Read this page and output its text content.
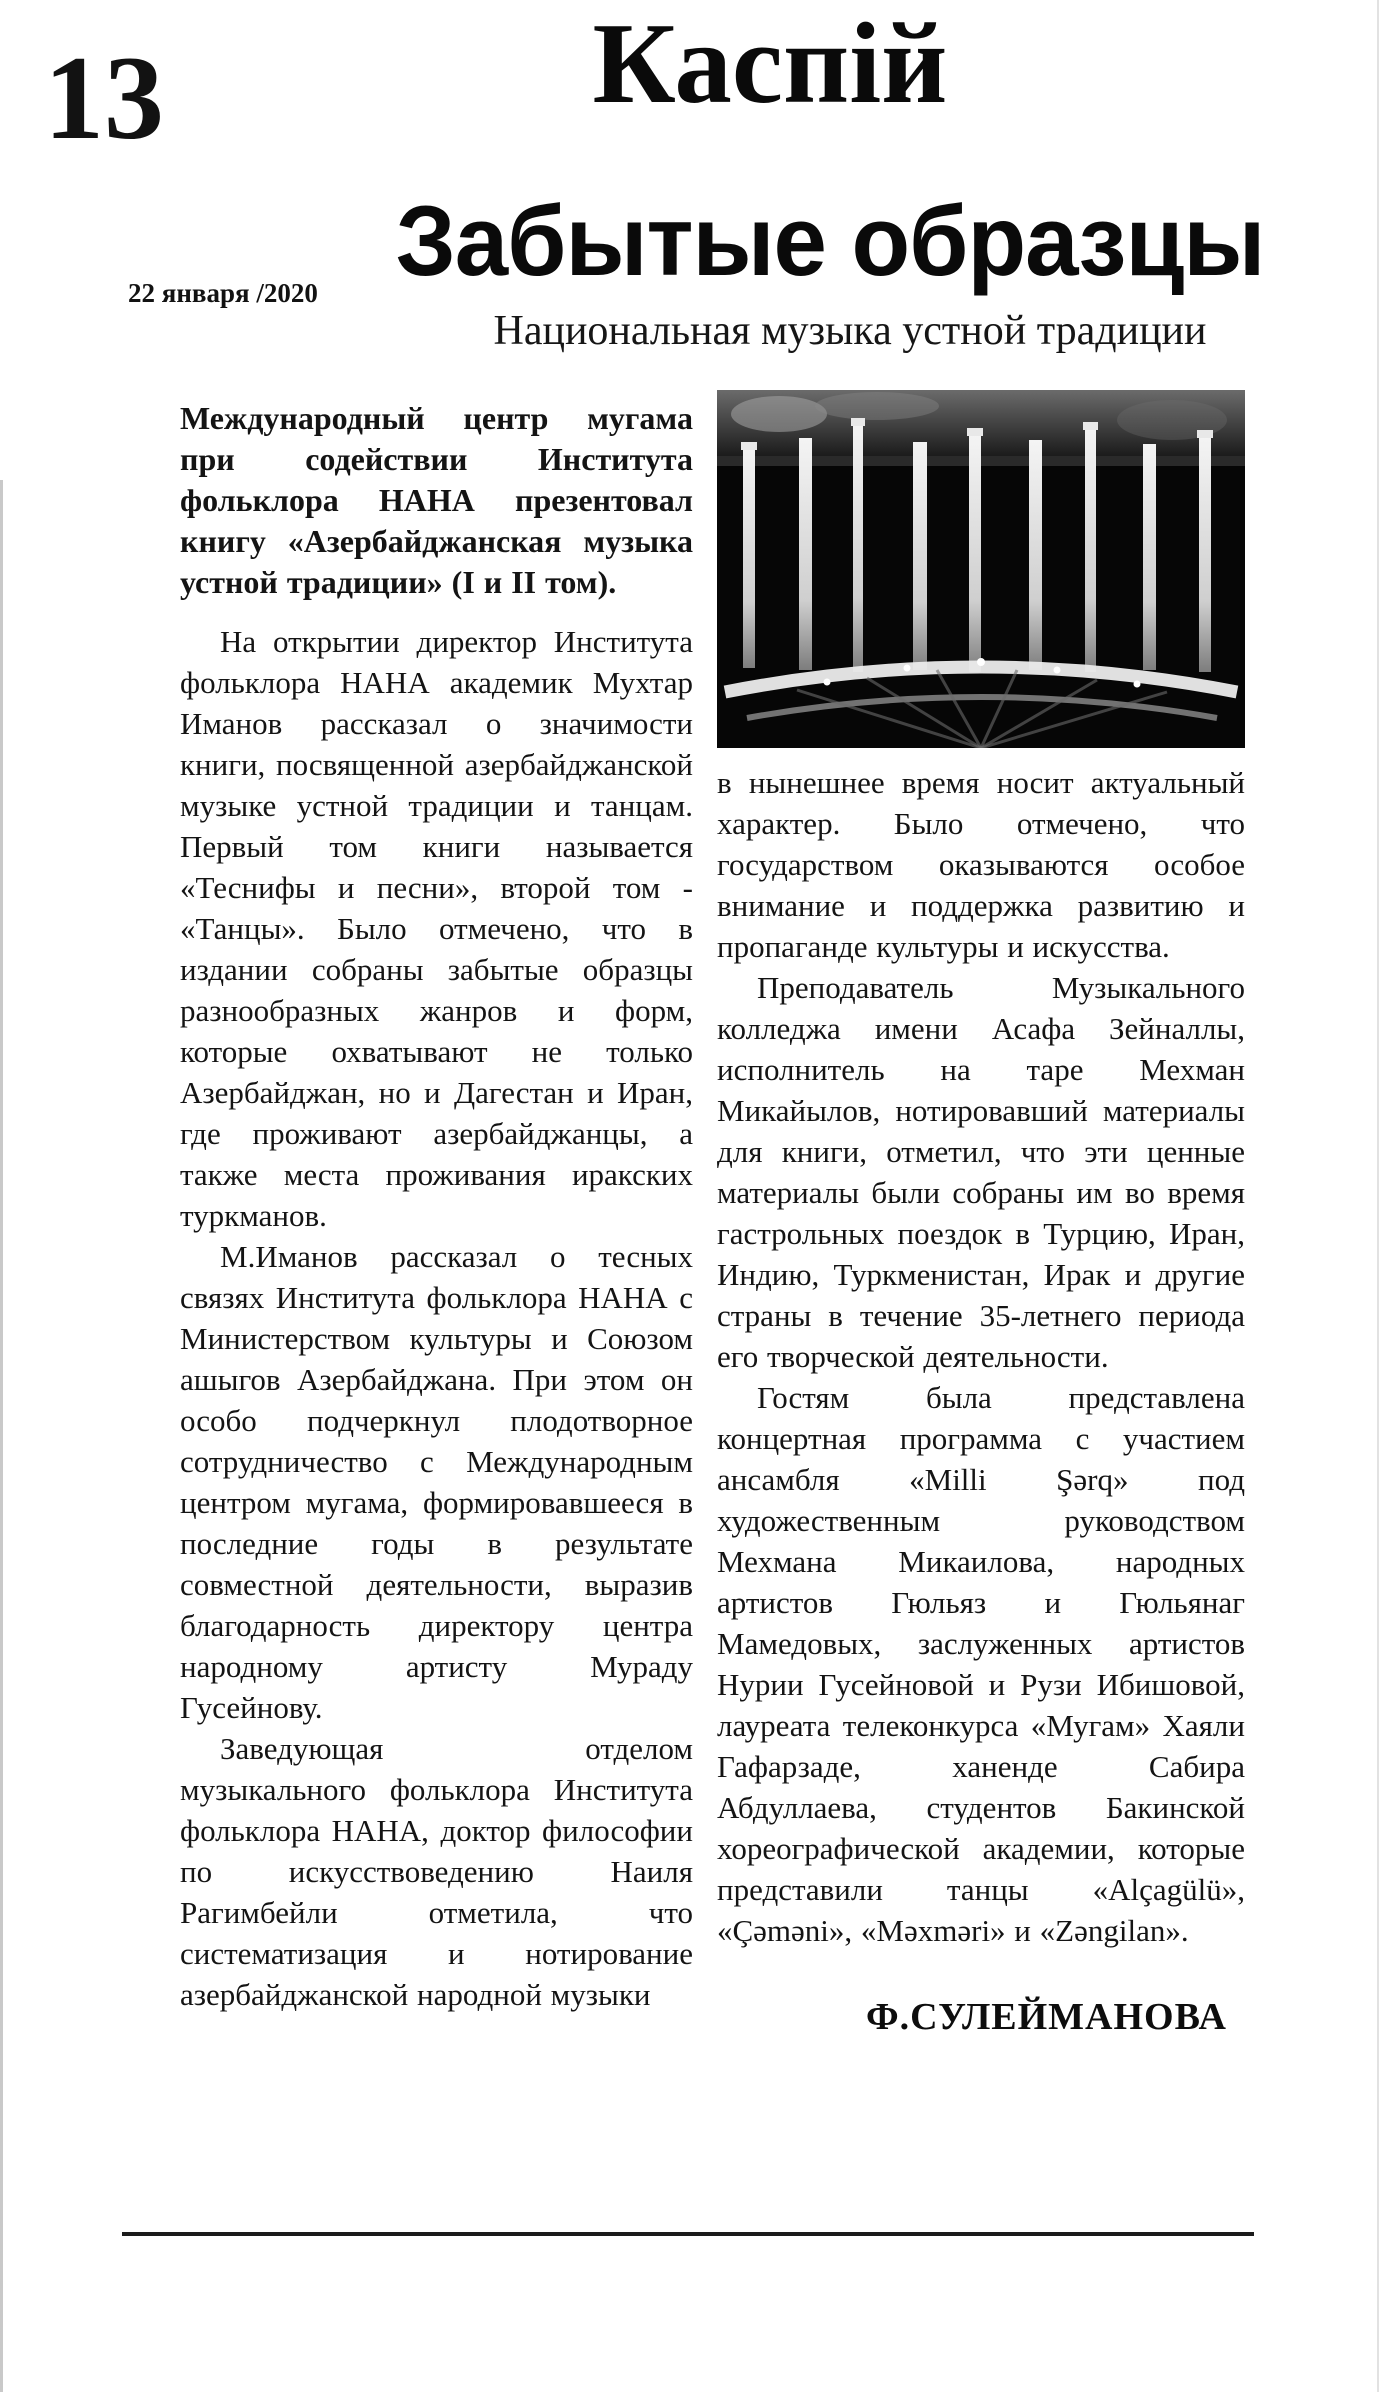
13	Каспій
Забытые образцы
22 января /2020
Национальная музыка устной традиции

Международный центр мугама при содействии Института фольклора НАНА презентовал книгу «Азербайджанская музыка устной традиции» (I и II том).

На открытии директор Института фольклора НАНА академик Мухтар Иманов рассказал о значимости книги, посвященной азербайджанской музыке устной традиции и танцам. Первый том книги называется «Теснифы и песни», второй том - «Танцы». Было отмечено, что в издании собраны забытые образцы разнообразных жанров и форм, которые охватывают не только Азербайджан, но и Дагестан и Иран, где проживают азербайджанцы, а также места проживания иракских туркманов.

М.Иманов рассказал о тесных связях Института фольклора НАНА с Министерством культуры и Союзом ашыгов Азербайджана. При этом он особо подчеркнул плодотворное сотрудничество с Международным центром мугама, формировавшееся в последние годы в результате совместной деятельности, выразив благодарность директору центра народному артисту Мураду Гусейнову.

Заведующая отделом музыкального фольклора Института фольклора НАНА, доктор философии по искусствоведению Наиля Рагимбейли отметила, что систематизация и нотирование азербайджанской народной музыки

в нынешнее время носит актуальный характер. Было отмечено, что государством оказываются особое внимание и поддержка развитию и пропаганде культуры и искусства.

Преподаватель Музыкального колледжа имени Асафа Зейналлы, исполнитель на таре Мехман Микайылов, нотировавший материалы для книги, отметил, что эти ценные материалы были собраны им во время гастрольных поездок в Турцию, Иран, Индию, Туркменистан, Ирак и другие страны в течение 35-летнего периода его творческой деятельности.

Гостям была представлена концертная программа с участием ансамбля «Milli Şərq» под художественным руководством Мехмана Микаилова, народных артистов Гюльяз и Гюльянаг Мамедовых, заслуженных артистов Нурии Гусейновой и Рузи Ибишовой, лауреата телеконкурса «Мугам» Хаяли Гафарзаде, ханенде Сабира Абдуллаева, студентов Бакинской хореографической академии, которые представили танцы «Alçagülü», «Çəməni», «Məxməri» и «Zəngilan».

Ф.СУЛЕЙМАНОВА
